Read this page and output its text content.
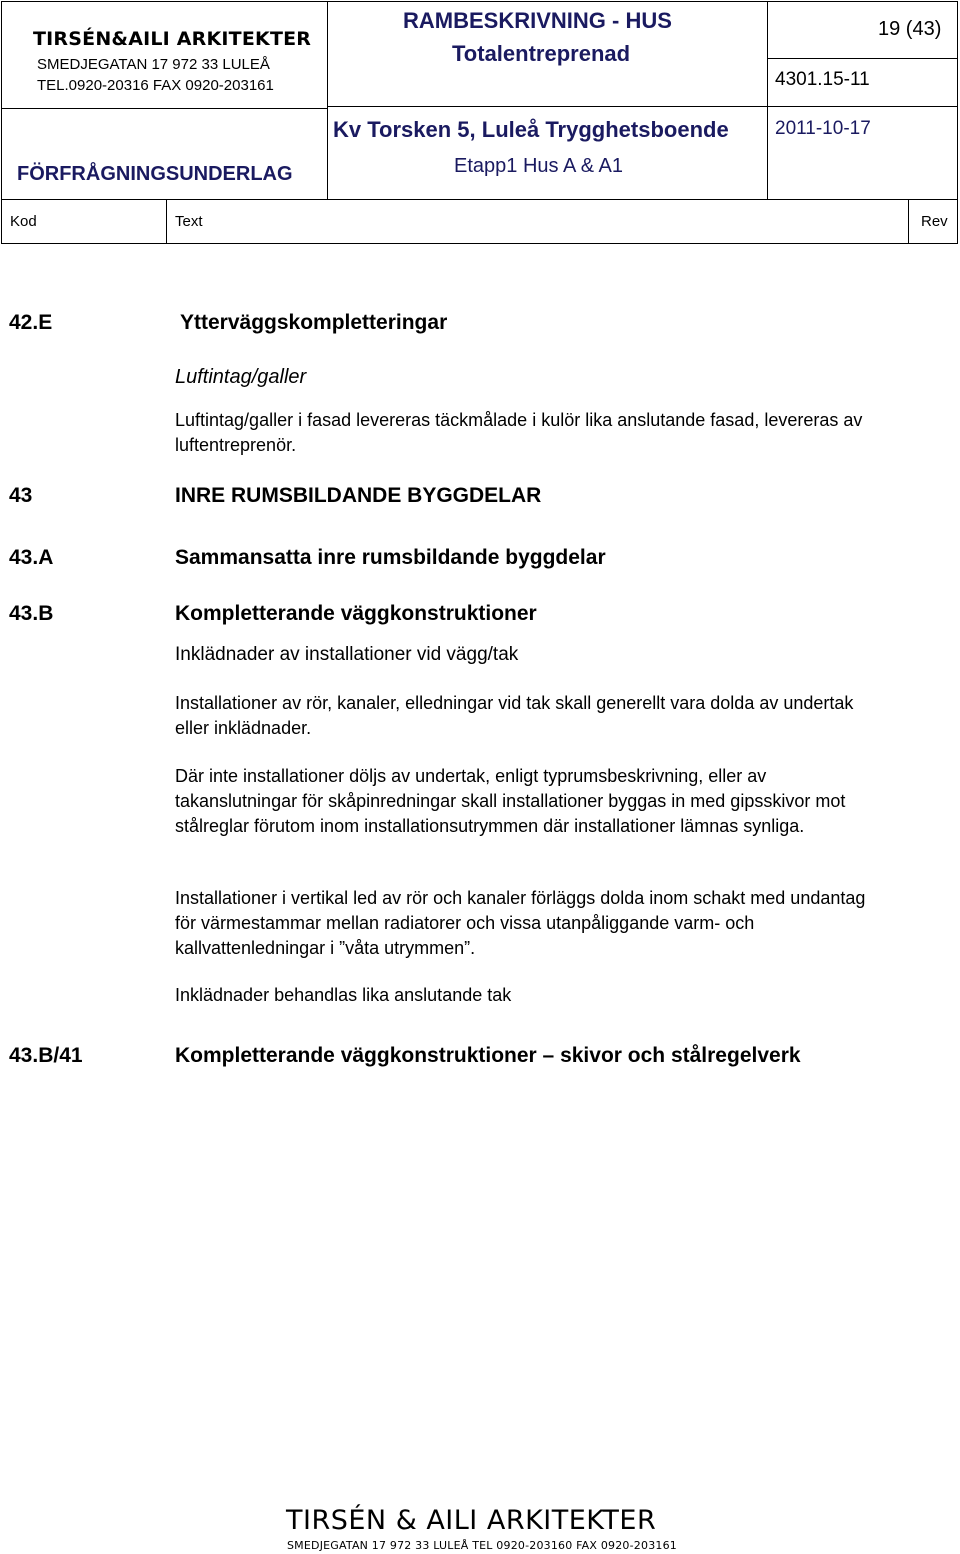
TIRSÉN&AILI ARKITEKTER
SMEDJEGATAN 17 972 33 LULEÅ
TEL.0920-20316 FAX 0920-203161
FÖRFRÅGNINGSUNDERLAG
RAMBESKRIVNING - HUS
Totalentreprenad
Kv Torsken 5, Luleå Trygghetsboende
Etapp1 Hus A & A1
19 (43)
4301.15-11
2011-10-17
Kod	Text	Rev
42.E	Ytterväggskompletteringar
Luftintag/galler
Luftintag/galler i fasad levereras täckmålade i kulör lika anslutande fasad, levereras av luftentreprenör.
43	INRE RUMSBILDANDE BYGGDELAR
43.A	Sammansatta inre rumsbildande byggdelar
43.B	Kompletterande väggkonstruktioner
Inklädnader av installationer vid vägg/tak
Installationer av rör, kanaler, elledningar vid tak skall generellt vara dolda av undertak eller inklädnader.
Där inte installationer döljs av undertak, enligt typrumsbeskrivning, eller av takanslutningar för skåpinredningar skall installationer byggas in med gipsskivor mot stålreglar förutom inom installationsutrymmen där installationer lämnas synliga.
Installationer i vertikal led av rör och kanaler förläggs dolda inom schakt med undantag för värmestammar mellan radiatorer och vissa utanpåliggande varm- och kallvattenledningar i ”våta utrymmen”.
Inklädnader behandlas lika anslutande tak
43.B/41	Kompletterande väggkonstruktioner – skivor och stålregelverk
TIRSÉN & AILI ARKITEKTER
SMEDJEGATAN 17 972 33 LULEÅ TEL 0920-203160 FAX 0920-203161
